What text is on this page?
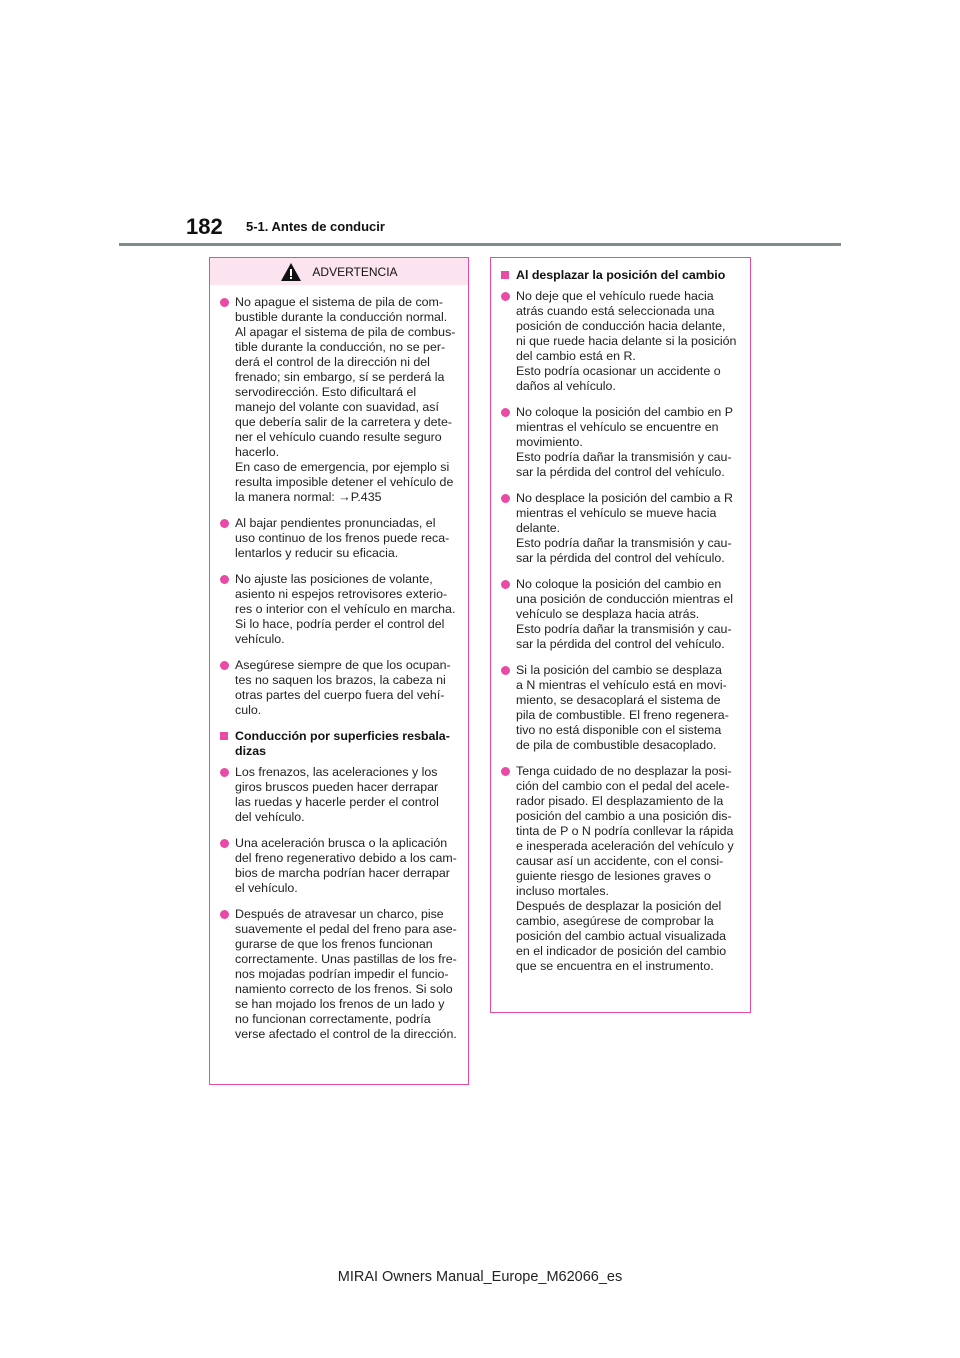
182 5-1. Antes de conducir
ADVERTENCIA
No apague el sistema de pila de com-
bustible durante la conducción normal.
Al apagar el sistema de pila de combus-
tible durante la conducción, no se per-
derá el control de la dirección ni del
frenado; sin embargo, sí se perderá la
servodirección. Esto dificultará el
manejo del volante con suavidad, así
que debería salir de la carretera y dete-
ner el vehículo cuando resulte seguro
hacerlo.
En caso de emergencia, por ejemplo si
resulta imposible detener el vehículo de
la manera normal: →P.435
Al bajar pendientes pronunciadas, el
uso continuo de los frenos puede reca-
lentarlos y reducir su eficacia.
No ajuste las posiciones de volante,
asiento ni espejos retrovisores exterio-
res o interior con el vehículo en marcha.
Si lo hace, podría perder el control del
vehículo.
Asegúrese siempre de que los ocupan-
tes no saquen los brazos, la cabeza ni
otras partes del cuerpo fuera del vehí-
culo.
Conducción por superficies resbala-
dizas
Los frenazos, las aceleraciones y los
giros bruscos pueden hacer derrapar
las ruedas y hacerle perder el control
del vehículo.
Una aceleración brusca o la aplicación
del freno regenerativo debido a los cam-
bios de marcha podrían hacer derrapar
el vehículo.
Después de atravesar un charco, pise
suavemente el pedal del freno para ase-
gurarse de que los frenos funcionan
correctamente. Unas pastillas de los fre-
nos mojadas podrían impedir el funcio-
namiento correcto de los frenos. Si solo
se han mojado los frenos de un lado y
no funcionan correctamente, podría
verse afectado el control de la dirección.
Al desplazar la posición del cambio
No deje que el vehículo ruede hacia
atrás cuando está seleccionada una
posición de conducción hacia delante,
ni que ruede hacia delante si la posición
del cambio está en R.
Esto podría ocasionar un accidente o
daños al vehículo.
No coloque la posición del cambio en P
mientras el vehículo se encuentre en
movimiento.
Esto podría dañar la transmisión y cau-
sar la pérdida del control del vehículo.
No desplace la posición del cambio a R
mientras el vehículo se mueve hacia
delante.
Esto podría dañar la transmisión y cau-
sar la pérdida del control del vehículo.
No coloque la posición del cambio en
una posición de conducción mientras el
vehículo se desplaza hacia atrás.
Esto podría dañar la transmisión y cau-
sar la pérdida del control del vehículo.
Si la posición del cambio se desplaza
a N mientras el vehículo está en movi-
miento, se desacoplará el sistema de
pila de combustible. El freno regenera-
tivo no está disponible con el sistema
de pila de combustible desacoplado.
Tenga cuidado de no desplazar la posi-
ción del cambio con el pedal del acele-
rador pisado. El desplazamiento de la
posición del cambio a una posición dis-
tinta de P o N podría conllevar la rápida
e inesperada aceleración del vehículo y
causar así un accidente, con el consi-
guiente riesgo de lesiones graves o
incluso mortales.
Después de desplazar la posición del
cambio, asegúrese de comprobar la
posición del cambio actual visualizada
en el indicador de posición del cambio
que se encuentra en el instrumento.
MIRAI Owners Manual_Europe_M62066_es
